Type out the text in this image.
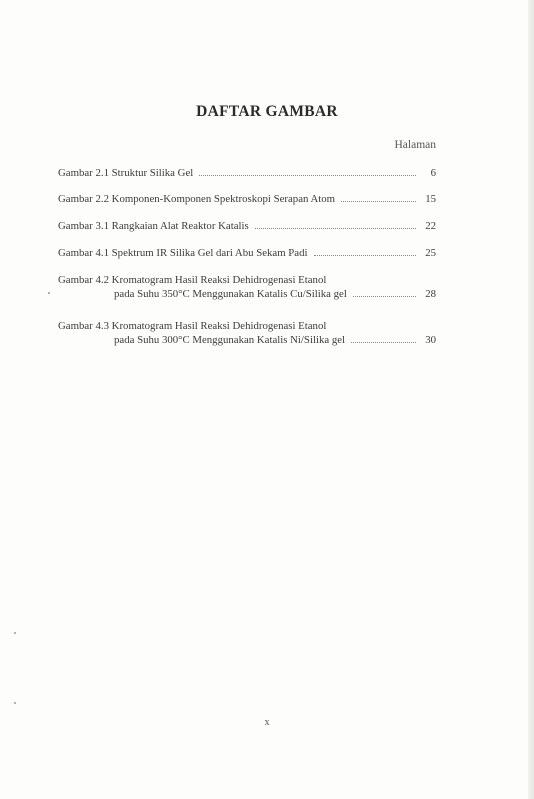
DAFTAR GAMBAR
Halaman
Gambar 2.1 Struktur Silika Gel	6
Gambar 2.2 Komponen-Komponen Spektroskopi Serapan Atom	15
Gambar 3.1 Rangkaian Alat Reaktor Katalis	22
Gambar 4.1 Spektrum IR Silika Gel dari Abu Sekam Padi	25
Gambar 4.2 Kromatogram Hasil Reaksi Dehidrogenasi Etanol
pada Suhu 350°C Menggunakan Katalis Cu/Silika gel	28
Gambar 4.3 Kromatogram Hasil Reaksi Dehidrogenasi Etanol
pada Suhu 300°C Menggunakan Katalis Ni/Silika gel	30
x
